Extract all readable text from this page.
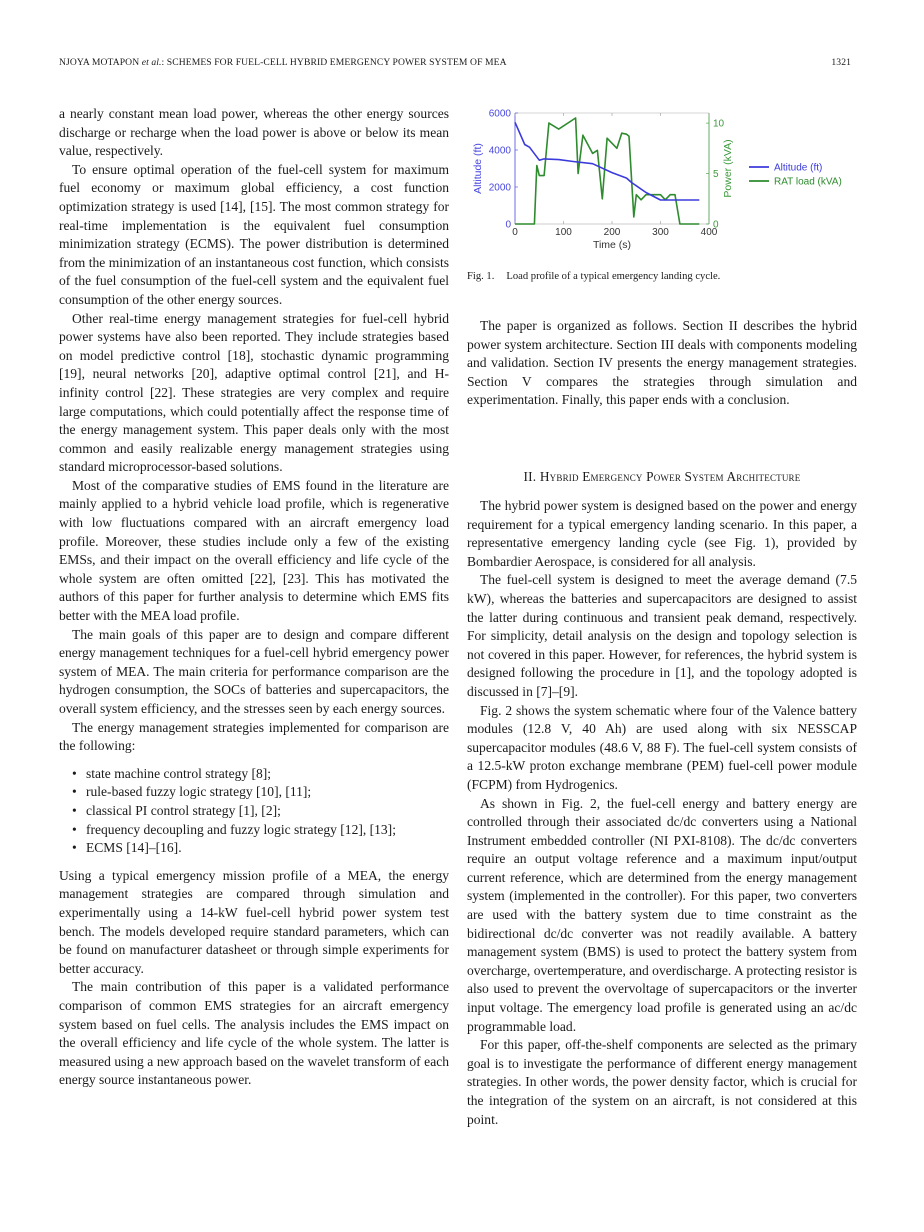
NJOYA MOTAPON et al.: SCHEMES FOR FUEL-CELL HYBRID EMERGENCY POWER SYSTEM OF MEA	1321

a nearly constant mean load power, whereas the other energy sources discharge or recharge when the load power is above or below its mean value, respectively.

To ensure optimal operation of the fuel-cell system for maximum fuel economy or maximum global efficiency, a cost function optimization strategy is used [14], [15]. The most common strategy for real-time implementation is the equivalent fuel consumption minimization strategy (ECMS). The power distribution is determined from the minimization of an instantaneous cost function, which consists of the fuel consumption of the fuel-cell system and the equivalent fuel consumption of the other energy sources.

Other real-time energy management strategies for fuel-cell hybrid power systems have also been reported. They include strategies based on model predictive control [18], stochastic dynamic programming [19], neural networks [20], adaptive optimal control [21], and H-infinity control [22]. These strategies are very complex and require large computations, which could potentially affect the response time of the energy management system. This paper deals only with the most common and easily realizable energy management strategies using standard microprocessor-based solutions.

Most of the comparative studies of EMS found in the literature are mainly applied to a hybrid vehicle load profile, which is regenerative with low fluctuations compared with an aircraft emergency load profile. Moreover, these studies include only a few of the existing EMSs, and their impact on the overall efficiency and life cycle of the whole system are often omitted [22], [23]. This has motivated the authors of this paper for further analysis to determine which EMS fits better with the MEA load profile.

The main goals of this paper are to design and compare different energy management techniques for a fuel-cell hybrid emergency power system of MEA. The main criteria for performance comparison are the hydrogen consumption, the SOCs of batteries and supercapacitors, the overall system efficiency, and the stresses seen by each energy sources.

The energy management strategies implemented for comparison are the following:

• state machine control strategy [8];
• rule-based fuzzy logic strategy [10], [11];
• classical PI control strategy [1], [2];
• frequency decoupling and fuzzy logic strategy [12], [13];
• ECMS [14]–[16].

Using a typical emergency mission profile of a MEA, the energy management strategies are compared through simulation and experimentally using a 14-kW fuel-cell hybrid power system test bench. The models developed require standard parameters, which can be found on manufacturer datasheet or through simple experiments for better accuracy.

The main contribution of this paper is a validated performance comparison of common EMS strategies for an aircraft emergency system based on fuel cells. The analysis includes the EMS impact on the overall efficiency and life cycle of the whole system. The latter is measured using a new approach based on the wavelet transform of each energy source instantaneous power.

0	100	200	300	400
0
2000
4000
6000
0
5
10
Time (s)
Altitude (ft)	Power (kVA)	Altitude (ft)
RAT load (kVA)
Fig. 1. Load profile of a typical emergency landing cycle.

The paper is organized as follows. Section II describes the hybrid power system architecture. Section III deals with components modeling and validation. Section IV presents the energy management strategies. Section V compares the strategies through simulation and experimentation. Finally, this paper ends with a conclusion.

II. Hybrid Emergency Power System Architecture

The hybrid power system is designed based on the power and energy requirement for a typical emergency landing scenario. In this paper, a representative emergency landing cycle (see Fig. 1), provided by Bombardier Aerospace, is considered for all analysis.

The fuel-cell system is designed to meet the average demand (7.5 kW), whereas the batteries and supercapacitors are designed to assist the latter during continuous and transient peak demand, respectively. For simplicity, detail analysis on the design and topology selection is not covered in this paper. However, for references, the hybrid system is designed following the procedure in [1], and the topology adopted is discussed in [7]–[9].

Fig. 2 shows the system schematic where four of the Valence battery modules (12.8 V, 40 Ah) are used along with six NESSCAP supercapacitor modules (48.6 V, 88 F). The fuel-cell system consists of a 12.5-kW proton exchange membrane (PEM) fuel-cell power module (FCPM) from Hydrogenics.

As shown in Fig. 2, the fuel-cell energy and battery energy are controlled through their associated dc/dc converters using a National Instrument embedded controller (NI PXI-8108). The dc/dc converters require an output voltage reference and a maximum input/output current reference, which are determined from the energy management system (implemented in the controller). For this paper, two converters are used with the battery system due to time constraint as the bidirectional dc/dc converter was not readily available. A battery management system (BMS) is used to protect the battery system from overcharge, overtemperature, and overdischarge. A protecting resistor is also used to prevent the overvoltage of supercapacitors or the inverter input voltage. The emergency load profile is generated using an ac/dc programmable load.

For this paper, off-the-shelf components are selected as the primary goal is to investigate the performance of different energy management strategies. In other words, the power density factor, which is crucial for the integration of the system on an aircraft, is not considered at this point.
